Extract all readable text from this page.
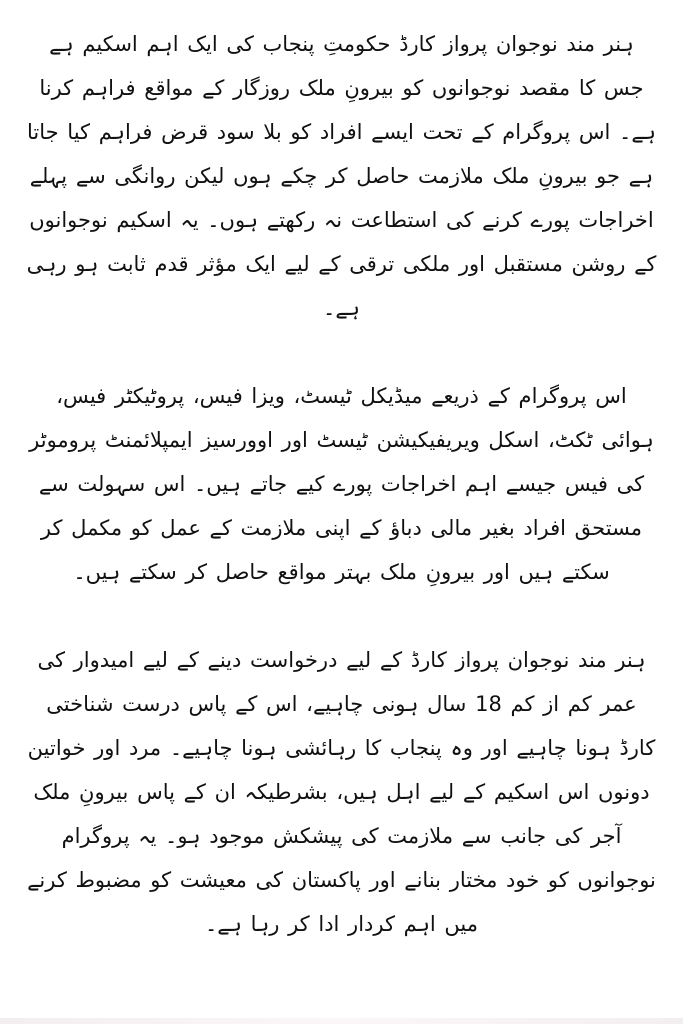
ہنر مند نوجوان پرواز کارڈ حکومتِ پنجاب کی ایک اہم اسکیم ہے جس کا مقصد نوجوانوں کو بیرونِ ملک روزگار کے مواقع فراہم کرنا ہے۔ اس پروگرام کے تحت ایسے افراد کو بلا سود قرض فراہم کیا جاتا ہے جو بیرونِ ملک ملازمت حاصل کر چکے ہوں لیکن روانگی سے پہلے اخراجات پورے کرنے کی استطاعت نہ رکھتے ہوں۔ یہ اسکیم نوجوانوں کے روشن مستقبل اور ملکی ترقی کے لیے ایک مؤثر قدم ثابت ہو رہی ہے۔

اس پروگرام کے ذریعے میڈیکل ٹیسٹ، ویزا فیس، پروٹیکٹر فیس، ہوائی ٹکٹ، اسکل ویریفیکیشن ٹیسٹ اور اوورسیز ایمپلائمنٹ پروموٹر کی فیس جیسے اہم اخراجات پورے کیے جاتے ہیں۔ اس سہولت سے مستحق افراد بغیر مالی دباؤ کے اپنی ملازمت کے عمل کو مکمل کر سکتے ہیں اور بیرونِ ملک بہتر مواقع حاصل کر سکتے ہیں۔

ہنر مند نوجوان پرواز کارڈ کے لیے درخواست دینے کے لیے امیدوار کی عمر کم از کم 18 سال ہونی چاہیے، اس کے پاس درست شناختی کارڈ ہونا چاہیے اور وہ پنجاب کا رہائشی ہونا چاہیے۔ مرد اور خواتین دونوں اس اسکیم کے لیے اہل ہیں، بشرطیکہ ان کے پاس بیرونِ ملک آجر کی جانب سے ملازمت کی پیشکش موجود ہو۔ یہ پروگرام نوجوانوں کو خود مختار بنانے اور پاکستان کی معیشت کو مضبوط کرنے میں اہم کردار ادا کر رہا ہے۔
